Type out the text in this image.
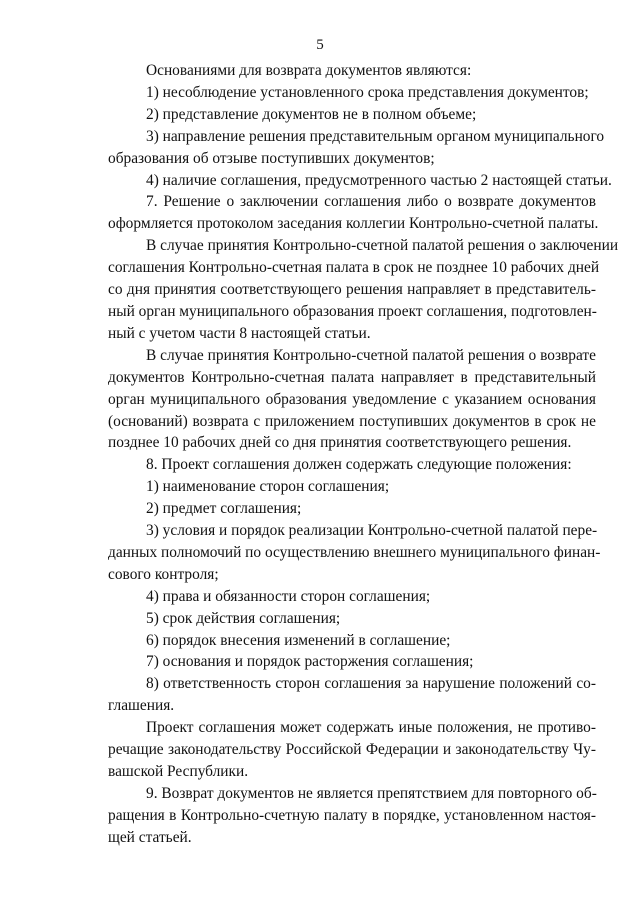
5
Основаниями для возврата документов являются:
1) несоблюдение установленного срока представления документов;
2) представление документов не в полном объеме;
3) направление решения представительным органом муниципального
образования об отзыве поступивших документов;
4) наличие соглашения, предусмотренного частью 2 настоящей статьи.
7. Решение о заключении соглашения либо о возврате документов
оформляется протоколом заседания коллегии Контрольно-счетной палаты.
В случае принятия Контрольно-счетной палатой решения о заключении
соглашения Контрольно-счетная палата в срок не позднее 10 рабочих дней
со дня принятия соответствующего решения направляет в представитель-
ный орган муниципального образования проект соглашения, подготовлен-
ный с учетом части 8 настоящей статьи.
В случае принятия Контрольно-счетной палатой решения о возврате
документов Контрольно-счетная палата направляет в представительный
орган муниципального образования уведомление с указанием основания
(оснований) возврата с приложением поступивших документов в срок не
позднее 10 рабочих дней со дня принятия соответствующего решения.
8. Проект соглашения должен содержать следующие положения:
1) наименование сторон соглашения;
2) предмет соглашения;
3) условия и порядок реализации Контрольно-счетной палатой пере-
данных полномочий по осуществлению внешнего муниципального финан-
сового контроля;
4) права и обязанности сторон соглашения;
5) срок действия соглашения;
6) порядок внесения изменений в соглашение;
7) основания и порядок расторжения соглашения;
8) ответственность сторон соглашения за нарушение положений со-
глашения.
Проект соглашения может содержать иные положения, не противо-
речащие законодательству Российской Федерации и законодательству Чу-
вашской Республики.
9. Возврат документов не является препятствием для повторного об-
ращения в Контрольно-счетную палату в порядке, установленном настоя-
щей статьей.
